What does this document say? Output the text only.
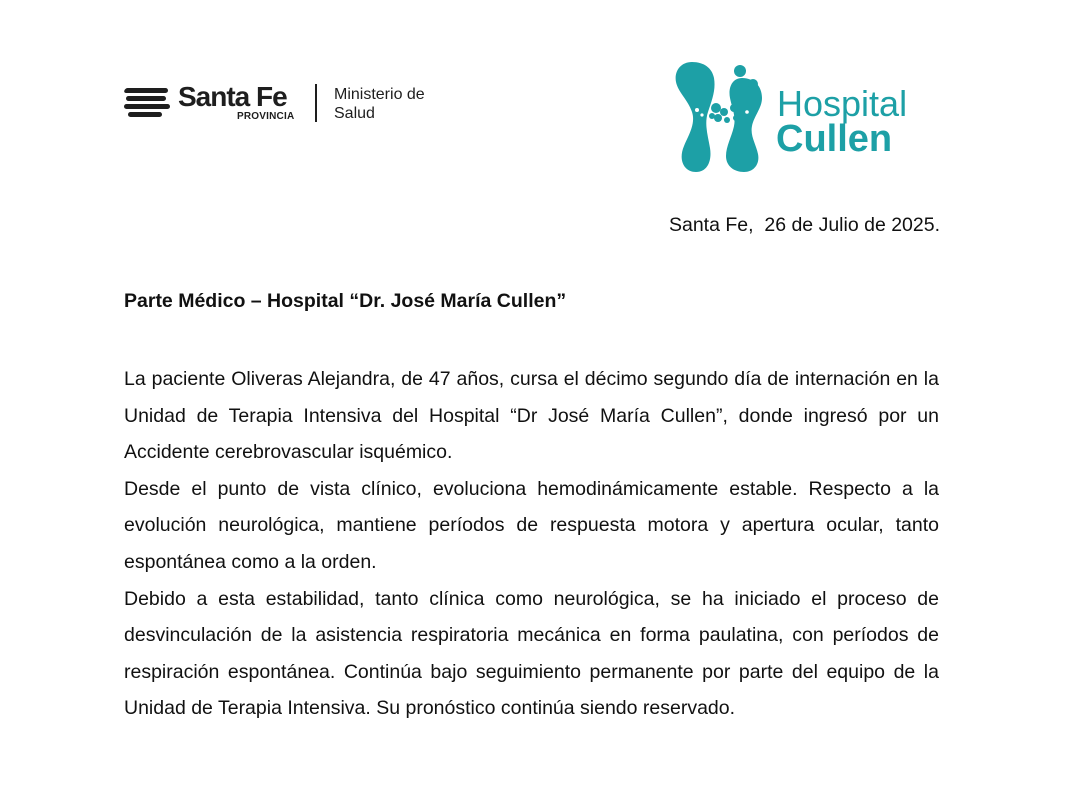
Santa Fe
PROVINCIA
Ministerio de
Salud	Hospital
Cullen
Santa Fe,  26 de Julio de 2025.
Parte Médico – Hospital “Dr. José María Cullen”

La paciente Oliveras Alejandra, de 47 años, cursa el décimo segundo día de internación en la Unidad de Terapia Intensiva del Hospital “Dr José María Cullen”, donde ingresó por un Accidente cerebrovascular isquémico.

Desde el punto de vista clínico, evoluciona hemodinámicamente estable. Respecto a la evolución neurológica, mantiene períodos de respuesta motora y apertura ocular, tanto espontánea como a la orden.

Debido a esta estabilidad, tanto clínica como neurológica, se ha iniciado el proceso de desvinculación de la asistencia respiratoria mecánica en forma paulatina, con períodos de respiración espontánea. Continúa bajo seguimiento permanente por parte del equipo de la Unidad de Terapia Intensiva. Su pronóstico continúa siendo reservado.
